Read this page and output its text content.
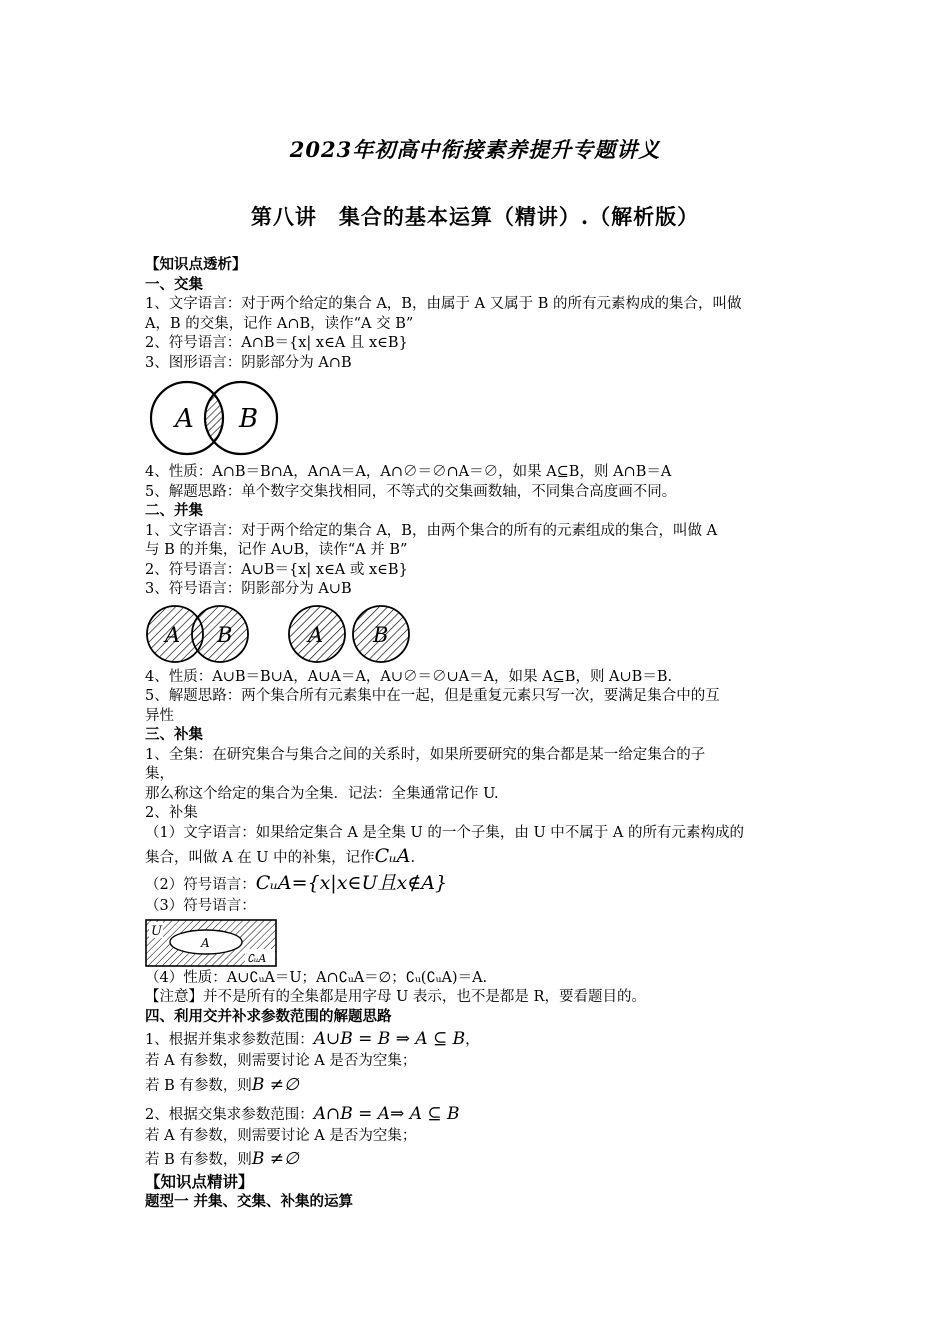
2023年初高中衔接素养提升专题讲义
第八讲　集合的基本运算（精讲）.（解析版）
【知识点透析】
一、交集
1、文字语言：对于两个给定的集合 A，B，由属于 A 又属于 B 的所有元素构成的集合，叫做
A，B 的交集，记作 A∩B，读作“A 交 B”
2、符号语言：A∩B＝{x| x∈A 且 x∈B}
3、图形语言：阴影部分为 A∩B
A B
4、性质：A∩B＝B∩A，A∩A＝A，A∩∅＝∅∩A＝∅，如果 A⊆B，则 A∩B＝A
5、解题思路：单个数字交集找相同，不等式的交集画数轴，不同集合高度画不同。
二、并集
1、文字语言：对于两个给定的集合 A，B，由两个集合的所有的元素组成的集合，叫做 A
与 B 的并集，记作 A∪B，读作“A 并 B”
2、符号语言：A∪B＝{x| x∈A 或 x∈B}
3、符号语言：阴影部分为 A∪B
A B	A B
4、性质：A∪B＝B∪A，A∪A＝A，A∪∅＝∅∪A＝A，如果 A⊆B，则 A∪B＝B.
5、解题思路：两个集合所有元素集中在一起，但是重复元素只写一次，要满足集合中的互
异性
三、补集
1、全集：在研究集合与集合之间的关系时，如果所要研究的集合都是某一给定集合的子
集，
那么称这个给定的集合为全集．记法：全集通常记作 U.
2、补集
（1）文字语言：如果给定集合 A 是全集 U 的一个子集，由 U 中不属于 A 的所有元素构成的
集合，叫做 A 在 U 中的补集，记作CᵤA.
（2）符号语言：CᵤA={x|x∈U且x∉A}
（3）符号语言：
U
A
∁ᵤA
（4）性质：A∪∁ᵤA＝U；A∩∁ᵤA＝∅；∁ᵤ(∁ᵤA)＝A.
【注意】并不是所有的全集都是用字母 U 表示，也不是都是 R，要看题目的。
四、利用交并补求参数范围的解题思路
1、根据并集求参数范围：A∪B = B ⇒ A ⊆ B，
若 A 有参数，则需要讨论 A 是否为空集；
若 B 有参数，则B ≠∅
2、根据交集求参数范围：A∩B = A⇒ A ⊆ B
若 A 有参数，则需要讨论 A 是否为空集；
若 B 有参数，则B ≠∅
【知识点精讲】
题型一 并集、交集、补集的运算
